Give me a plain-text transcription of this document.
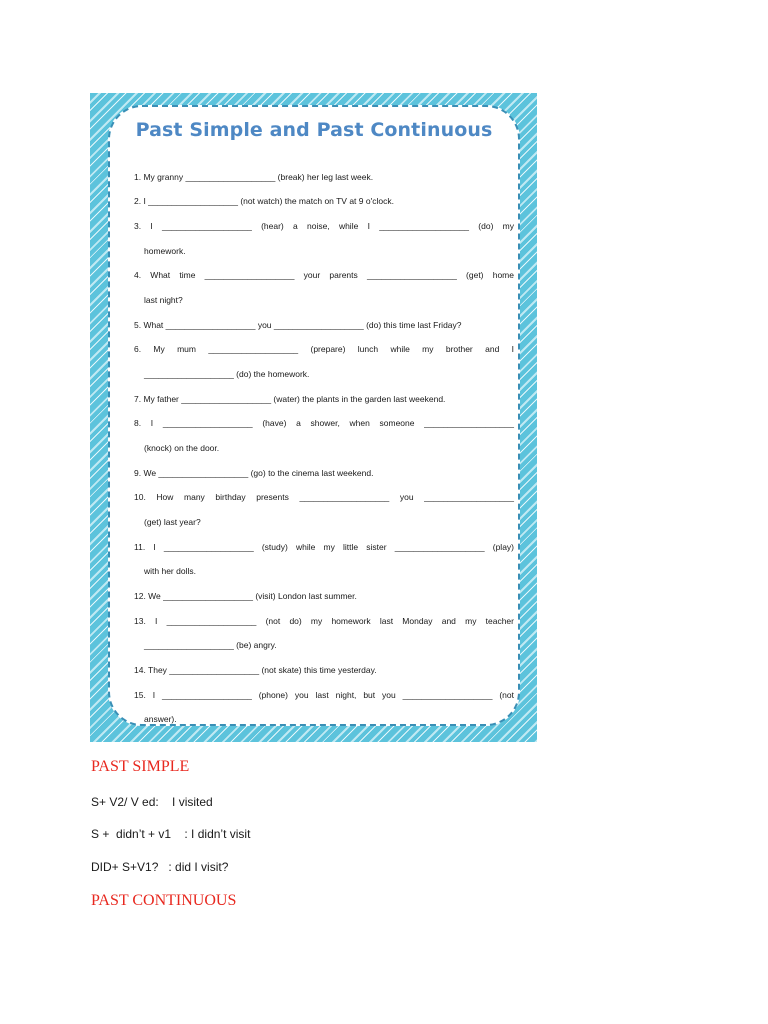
Past Simple and Past Continuous
1. My granny ___________________ (break) her leg last week.
2. I ___________________ (not watch) the match on TV at 9 o'clock.
3. I ___________________ (hear) a noise, while I ___________________ (do) my
homework.
4. What time ___________________ your parents ___________________ (get) home
last night?
5. What ___________________ you ___________________ (do) this time last Friday?
6. My mum ___________________ (prepare) lunch while my brother and I
___________________ (do) the homework.
7. My father ___________________ (water) the plants in the garden last weekend.
8. I ___________________ (have) a shower, when someone ___________________
(knock) on the door.
9. We ___________________ (go) to the cinema last weekend.
10. How many birthday presents ___________________ you ___________________
(get) last year?
11. I ___________________ (study) while my little sister ___________________ (play)
with her dolls.
12. We ___________________ (visit) London last summer.
13. I ___________________ (not do) my homework last Monday and my teacher
___________________ (be) angry.
14. They ___________________ (not skate) this time yesterday.
15. I ___________________ (phone) you last night, but you ___________________ (not
answer).
PAST SIMPLE
S+ V2/ V ed:    I visited
S +  didn’t + v1    : I didn’t visit
DID+ S+V1?   : did I visit?
PAST CONTINUOUS
